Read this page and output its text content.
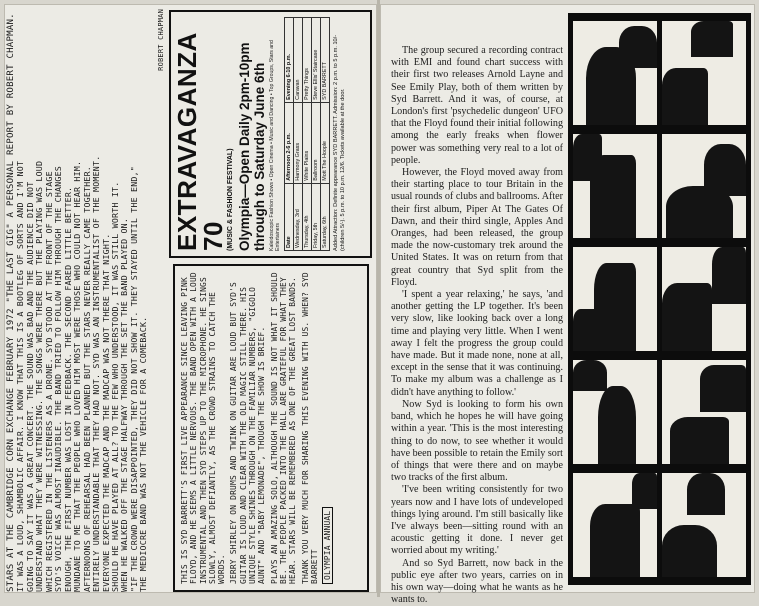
STARS AT THE CAMBRIDGE CORN EXCHANGE FEBRUARY 1972 "THE LAST GIG" A PERSONAL REPORT BY ROBERT CHAPMAN. IT WAS A LOUD, SHAMBOLIC AFFAIR. I KNOW THAT THIS IS A BOOTLEG OF SORTS AND I'M NOT GOING TO SAY IT WAS A GREAT CONCERT. THE SOUND WAS BAD AND THE AUDIENCE DID NOT UNDERSTAND WHAT THEY WERE WITNESSING. THE SONGS WERE THERE BUT THE PLAYING WAS LOUD WHICH REGISTERED IN THE LISTENERS AS A DRONE. SYD STOOD AT THE FRONT OF THE STAGE SYD'S VOICE WAS ALMOST INAUDIBLE. THE BAND TRIED TO FOLLOW HIM THROUGH THE CHANGES ENOUGH, THE FIRST NUMBER WAS LOST IN FEEDBACK. THE SECOND FARED LITTLE BETTER. MUNDANE TO ME THAT THE PEOPLE WHO LOVED HIM MOST WERE THOSE WHO COULD NOT HEAR HIM. AFTERNOONS OF REHEARSAL HAD BEEN PLANNED BUT THE STARS NEVER REALLY CAME TOGETHER. ENTIRELY UNDERSTANDABLE THAT THEY HAD NOT. SYD WAS AN INSTRUMENTALIST OF THE MOMENT. EVERYONE EXPECTED THE MADCAP AND THE MADCAP WAS NOT THERE THAT NIGHT. SHOULD HE HAVE PLAYED AT ALL? TO THE FEW WHO UNDERSTOOD, IT WAS STILL WORTH IT. WHEN HE WALKED OFF THE STAGE HALFWAY THROUGH THE SET THE BAND PLAYED ON. "IF THE CROWD WERE DISAPPOINTED, THEY DID NOT SHOW IT. THEY STAYED UNTIL THE END," THE MEDIOCRE BAND WAS NOT THE VEHICLE FOR A COMEBACK.
ROBERT CHAPMAN

THIS IS SYD BARRETT'S FIRST LIVE APPEARANCE SINCE LEAVING PINK FLOYD, AND HE SEEMS A LITTLE NERVOUS. THE BAND OPEN WITH A LOUD INSTRUMENTAL AND THEN SYD STEPS UP TO THE MICROPHONE. HE SINGS SLOWLY, ALMOST DEFIANTLY, AS THE CROWD STRAINS TO CATCH THE WORDS. JERRY SHIRLEY ON DRUMS AND TWINK ON GUITAR ARE LOUD BUT SYD'S GUITAR IS LOUD AND CLEAR WITH THE OLD MAGIC STILL THERE. HIS UNIQUE STYLE SHINES THROUGH ON THE FAMILIAR NUMBERS, "GIGOLO AUNT" AND "BABY LEMONADE", THOUGH THE SHOW IS BRIEF. PLAYS AN AMAZING SOLO, ALTHOUGH THE SOUND IS NOT WHAT IT SHOULD BE. THE PEOPLE PACKED INTO THE HALL ARE GRATEFUL FOR WHAT THEY HEAR. STARS WILL BE REMEMBERED AS ONE OF THE GREAT LOST BANDS. THANK YOU VERY MUCH FOR SHARING THIS EVENING WITH US. WHEN? SYD BARRETT OLYMPIA ANNUAL
EXTRAVAGANZA 70 (MUSIC & FASHION FESTIVAL) Olympia—Open Daily 2pm-10pm through to Saturday June 6th Kaleidoscopic Fashion Shows • Open Cinema • Music and Dancing • Top Groups, Stars and Entertainers Date	Afternoon 2-6 p.m.	Evening 6-10 p.m.
Wednesday, 3rd	Harmony Grass	Caravan
Thursday, 4th	White Plains	Pretty Things
Friday, 5th	Ballroom	Steve Ellis' Staircase
Saturday, 6th	Mott The Hoople	SYD BARRETT Added Attraction: Definite appearance SYD BARRETT. Admission: 2 p.m. to 5 p.m. 10/- (children 5/-). 5 p.m. to 10 p.m. 12/6. Tickets available at the door.

The group secured a recording contract with EMI and found chart success with their first two releases Arnold Layne and See Emily Play, both of them written by Syd Barrett. And it was, of course, at London's first 'psychedelic dungeon' UFO that the Floyd found their initial following among the early freaks when flower power was something very real to a lot of people.

However, the Floyd moved away from their starting place to tour Britain in the usual rounds of clubs and ballrooms. After their first album, Piper At The Gates Of Dawn, and their third single, Apples And Oranges, had been released, the group made the now-customary trek around the United States. It was on return from that great country that Syd split from the Floyd.

'I spent a year relaxing,' he says, 'and another getting the LP together. It's been very slow, like looking back over a long time and playing very little. When I went away I felt the progress the group could have made. But it made none, none at all, except in the sense that it was continuing. To make my album was a challenge as I didn't have anything to follow.'

Now Syd is looking to form his own band, which he hopes he will have going within a year. 'This is the most interesting thing to do now, to see whether it would have been possible to retain the Emily sort of things that were there and on maybe two tracks of the first album.

'I've been writing consistently for two years now and I have lots of undeveloped things lying around. I'm still basically like I've always been—sitting round with an acoustic getting it done. I never get worried about my writing.'

And so Syd Barrett, now back in the public eye after two years, carries on in his own way—doing what he wants as he wants to.
